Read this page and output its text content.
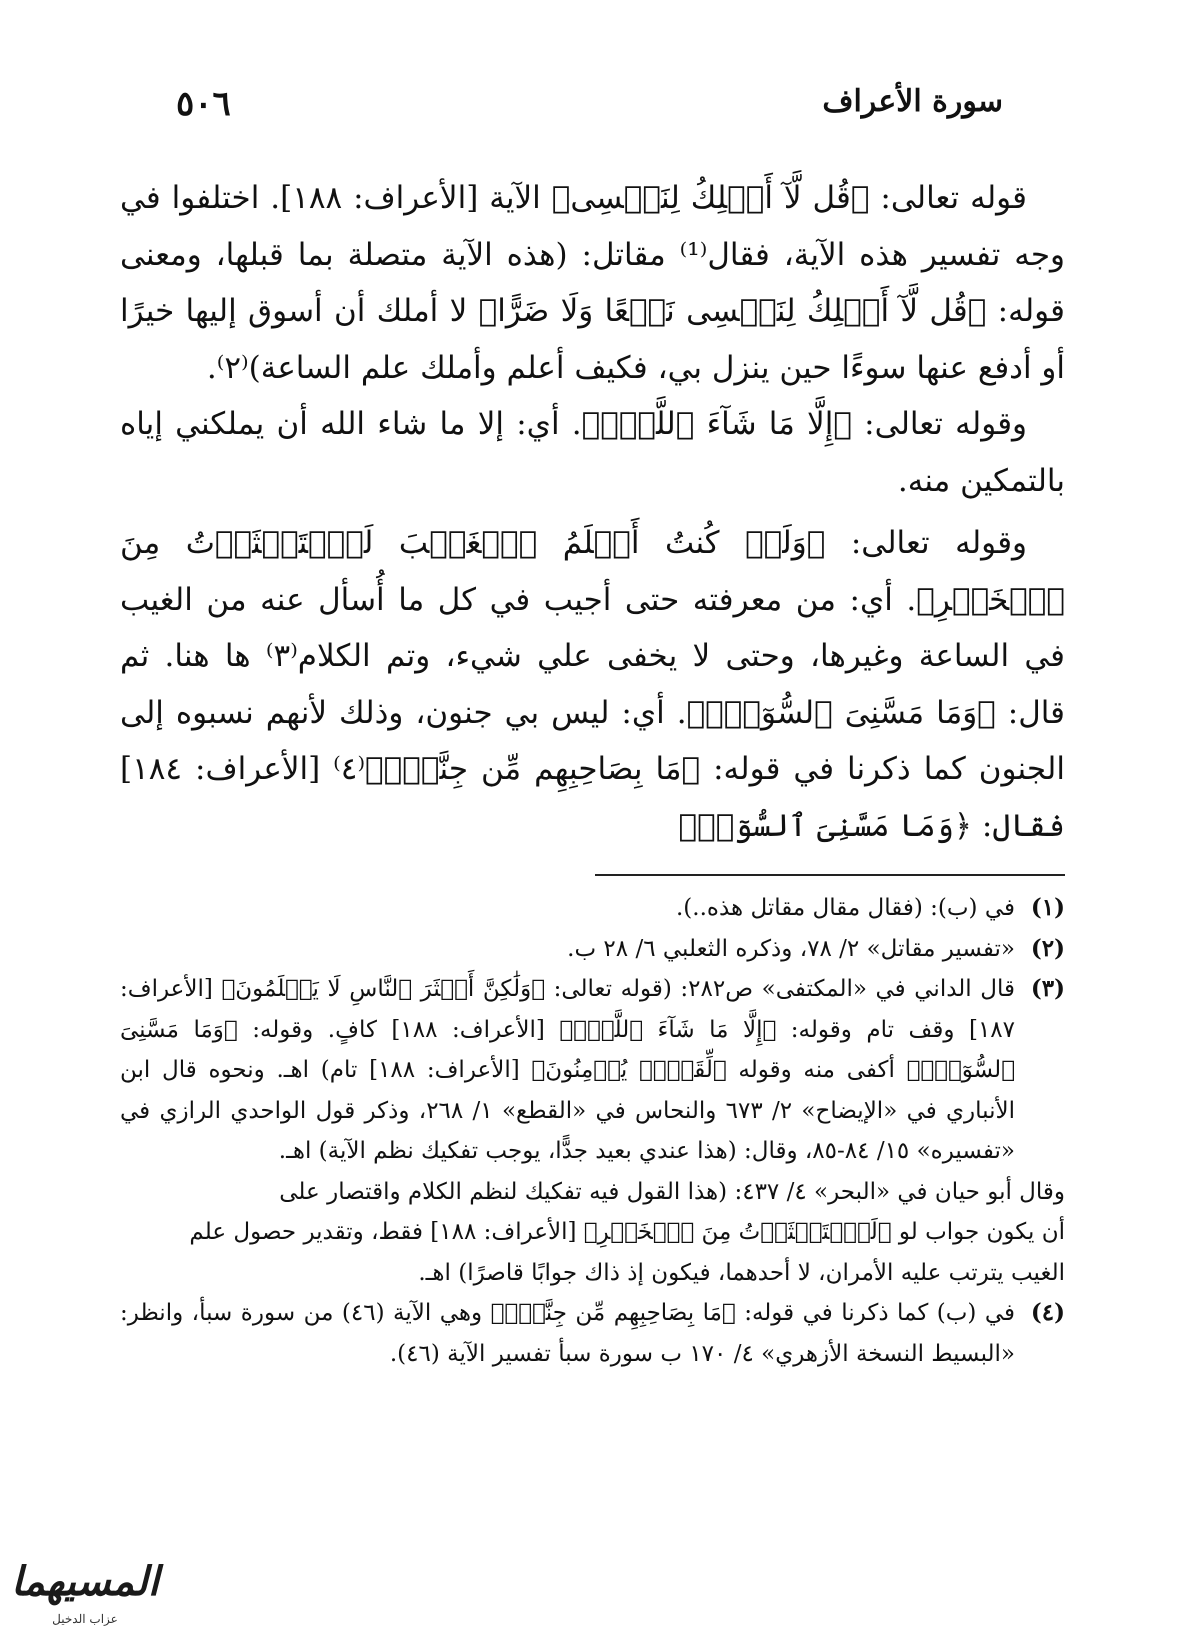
٥٠٦	سورة الأعراف

قوله تعالى: ﴿قُل لَّآ أَمۡلِكُ لِنَفۡسِى﴾ الآية [الأعراف: ١٨٨]. اختلفوا في وجه تفسير هذه الآية، فقال⁽¹⁾ مقاتل: (هذه الآية متصلة بما قبلها، ومعنى قوله: ﴿قُل لَّآ أَمۡلِكُ لِنَفۡسِى نَفۡعًا وَلَا ضَرًّا﴾ لا أملك أن أسوق إليها خيرًا أو أدفع عنها سوءًا حين ينزل بي، فكيف أعلم وأملك علم الساعة)⁽٢⁾.

وقوله تعالى: ﴿إِلَّا مَا شَآءَ ٱللَّهُۚ﴾. أي: إلا ما شاء الله أن يملكني إياه بالتمكين منه.

وقوله تعالى: ﴿وَلَوۡ كُنتُ أَعۡلَمُ ٱلۡغَيۡبَ لَٱسۡتَكۡثَرۡتُ مِنَ ٱلۡخَيۡرِ﴾. أي: من معرفته حتى أجيب في كل ما أُسأل عنه من الغيب في الساعة وغيرها، وحتى لا يخفى علي شيء، وتم الكلام⁽٣⁾ ها هنا. ثم قال: ﴿وَمَا مَسَّنِىَ ٱلسُّوٓءُۚ﴾. أي: ليس بي جنون، وذلك لأنهم نسبوه إلى الجنون كما ذكرنا في قوله: ﴿مَا بِصَاحِبِهِم مِّن جِنَّةٍۚ﴾⁽٤⁾ [الأعراف: ١٨٤] فقال: ﴿وَمَا مَسَّنِىَ ٱلسُّوٓءُۚ

(١)
في (ب): (فقال مقال مقاتل هذه..).
(٢)
«تفسير مقاتل» ٢/ ٧٨، وذكره الثعلبي ٦/ ٢٨ ب.
(٣)
قال الداني في «المكتفى» ص٢٨٢: (قوله تعالى: ﴿وَلَٰكِنَّ أَكۡثَرَ ٱلنَّاسِ لَا يَعۡلَمُونَ﴾ [الأعراف: ١٨٧] وقف تام وقوله: ﴿إِلَّا مَا شَآءَ ٱللَّهُۚ﴾ [الأعراف: ١٨٨] كافٍ. وقوله: ﴿وَمَا مَسَّنِىَ ٱلسُّوٓءُۚ﴾ أكفى منه وقوله ﴿لِّقَوۡمٖ يُؤۡمِنُونَ﴾ [الأعراف: ١٨٨] تام) اهـ. ونحوه قال ابن الأنباري في «الإيضاح» ٢/ ٦٧٣ والنحاس في «القطع» ١/ ٢٦٨، وذكر قول الواحدي الرازي في «تفسيره» ١٥/ ٨٤-٨٥، وقال: (هذا عندي بعيد جدًّا، يوجب تفكيك نظم الآية) اهـ.
وقال أبو حيان في «البحر» ٤/ ٤٣٧: (هذا القول فيه تفكيك لنظم الكلام واقتصار على
أن يكون جواب لو ﴿لَٱسۡتَكۡثَرۡتُ مِنَ ٱلۡخَيۡرِ﴾ [الأعراف: ١٨٨] فقط، وتقدير حصول علم
الغيب يترتب عليه الأمران، لا أحدهما، فيكون إذ ذاك جوابًا قاصرًا) اهـ.
(٤)
في (ب) كما ذكرنا في قوله: ﴿مَا بِصَاحِبِهِم مِّن جِنَّةٍۚ﴾ وهي الآية (٤٦) من سورة سبأ، وانظر: «البسيط النسخة الأزهري» ٤/ ١٧٠ ب سورة سبأ تفسير الآية (٤٦).
المسيهما
عزاب الدخيل
